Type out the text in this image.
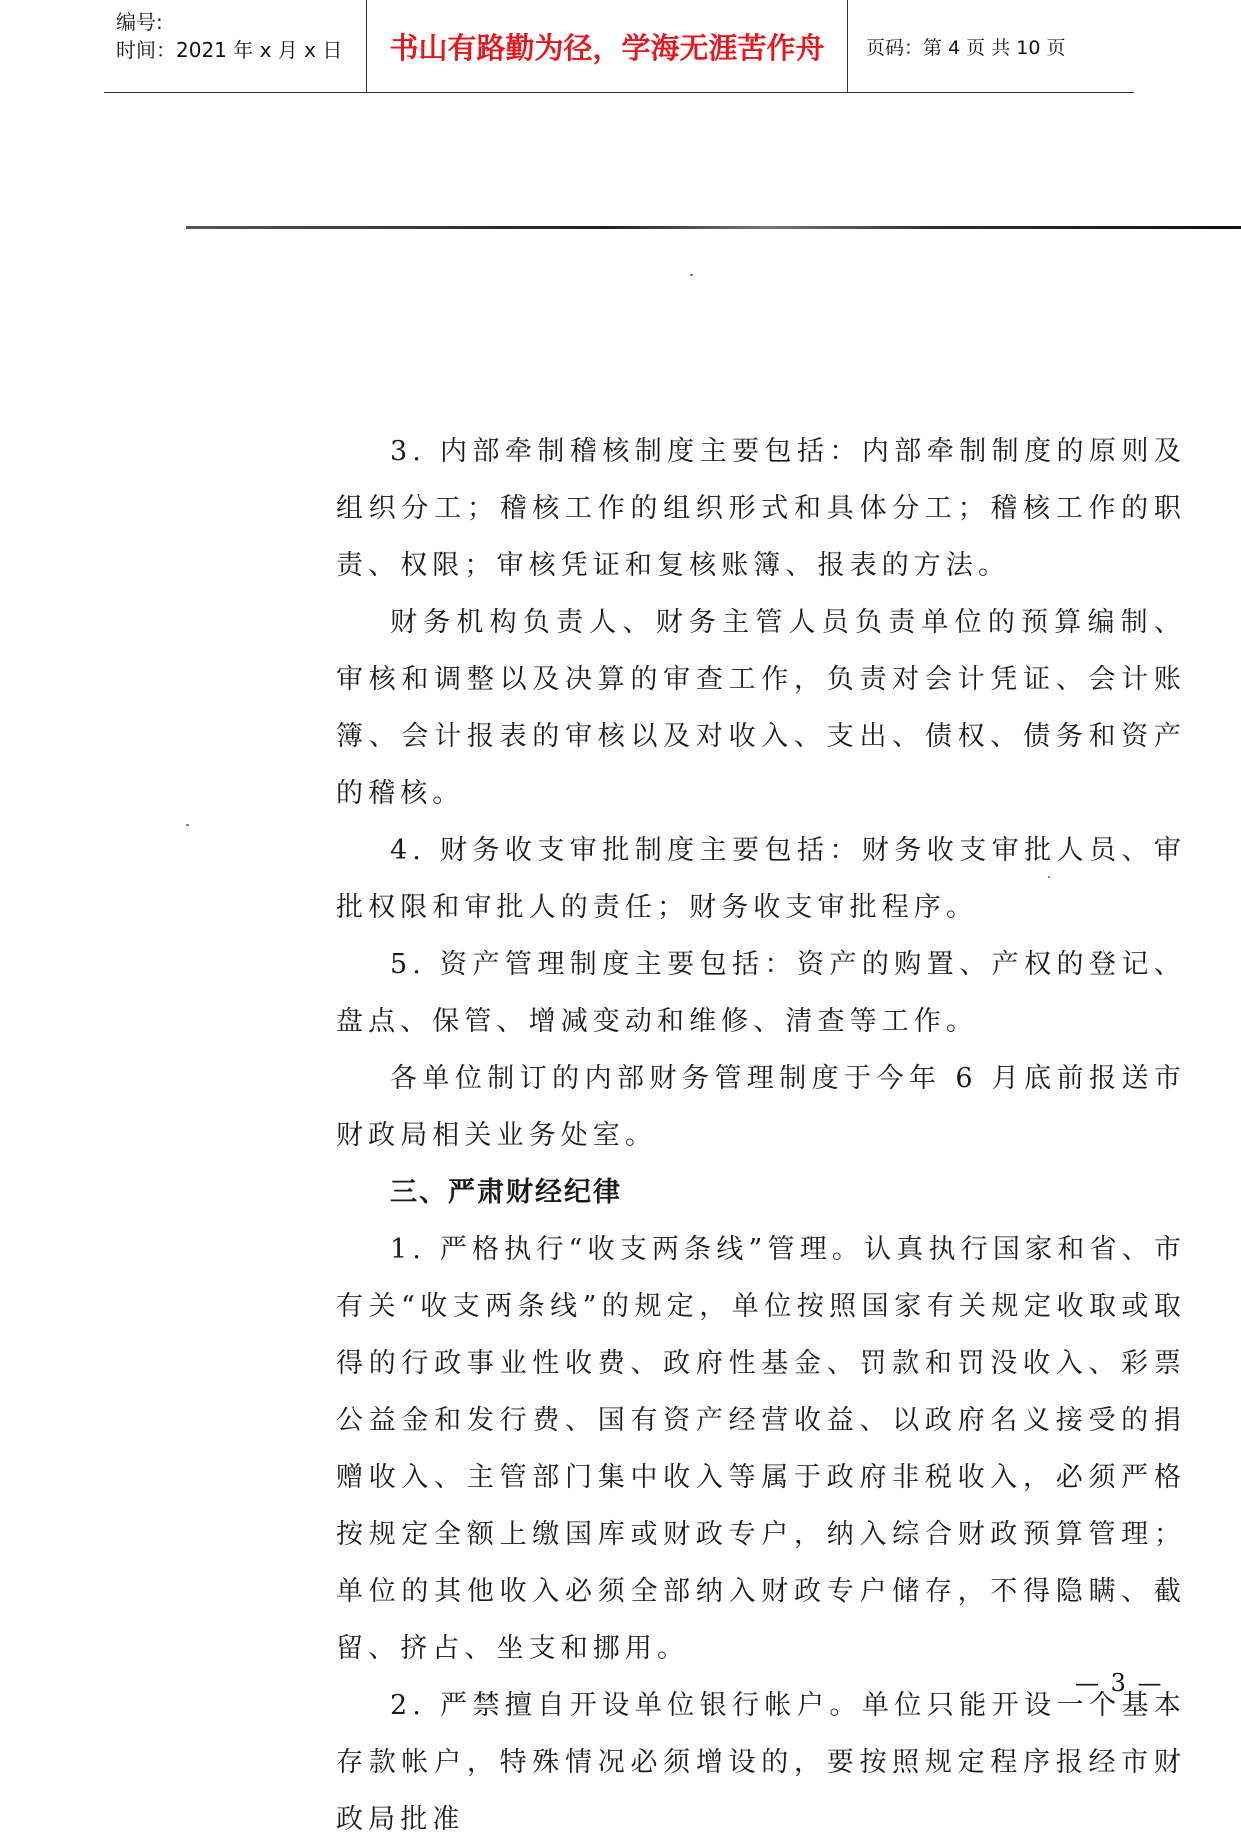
编号:
时间：2021 年 x 月 x 日	书山有路勤为径，学海无涯苦作舟	页码：第 4 页 共 10 页

3. 内部牵制稽核制度主要包括：内部牵制制度的原则及组织分工；稽核工作的组织形式和具体分工；稽核工作的职责、权限；审核凭证和复核账簿、报表的方法。

财务机构负责人、财务主管人员负责单位的预算编制、审核和调整以及决算的审查工作，负责对会计凭证、会计账簿、会计报表的审核以及对收入、支出、债权、债务和资产的稽核。

4. 财务收支审批制度主要包括：财务收支审批人员、审批权限和审批人的责任；财务收支审批程序。

5. 资产管理制度主要包括：资产的购置、产权的登记、盘点、保管、增减变动和维修、清查等工作。

各单位制订的内部财务管理制度于今年 6 月底前报送市财政局相关业务处室。

三、严肃财经纪律

1. 严格执行“收支两条线”管理。认真执行国家和省、市有关“收支两条线”的规定，单位按照国家有关规定收取或取得的行政事业性收费、政府性基金、罚款和罚没收入、彩票公益金和发行费、国有资产经营收益、以政府名义接受的捐赠收入、主管部门集中收入等属于政府非税收入，必须严格按规定全额上缴国库或财政专户，纳入综合财政预算管理；单位的其他收入必须全部纳入财政专户储存，不得隐瞒、截留、挤占、坐支和挪用。

2. 严禁擅自开设单位银行帐户。单位只能开设一个基本存款帐户，特殊情况必须增设的，要按照规定程序报经市财政局批准

— 3 —
